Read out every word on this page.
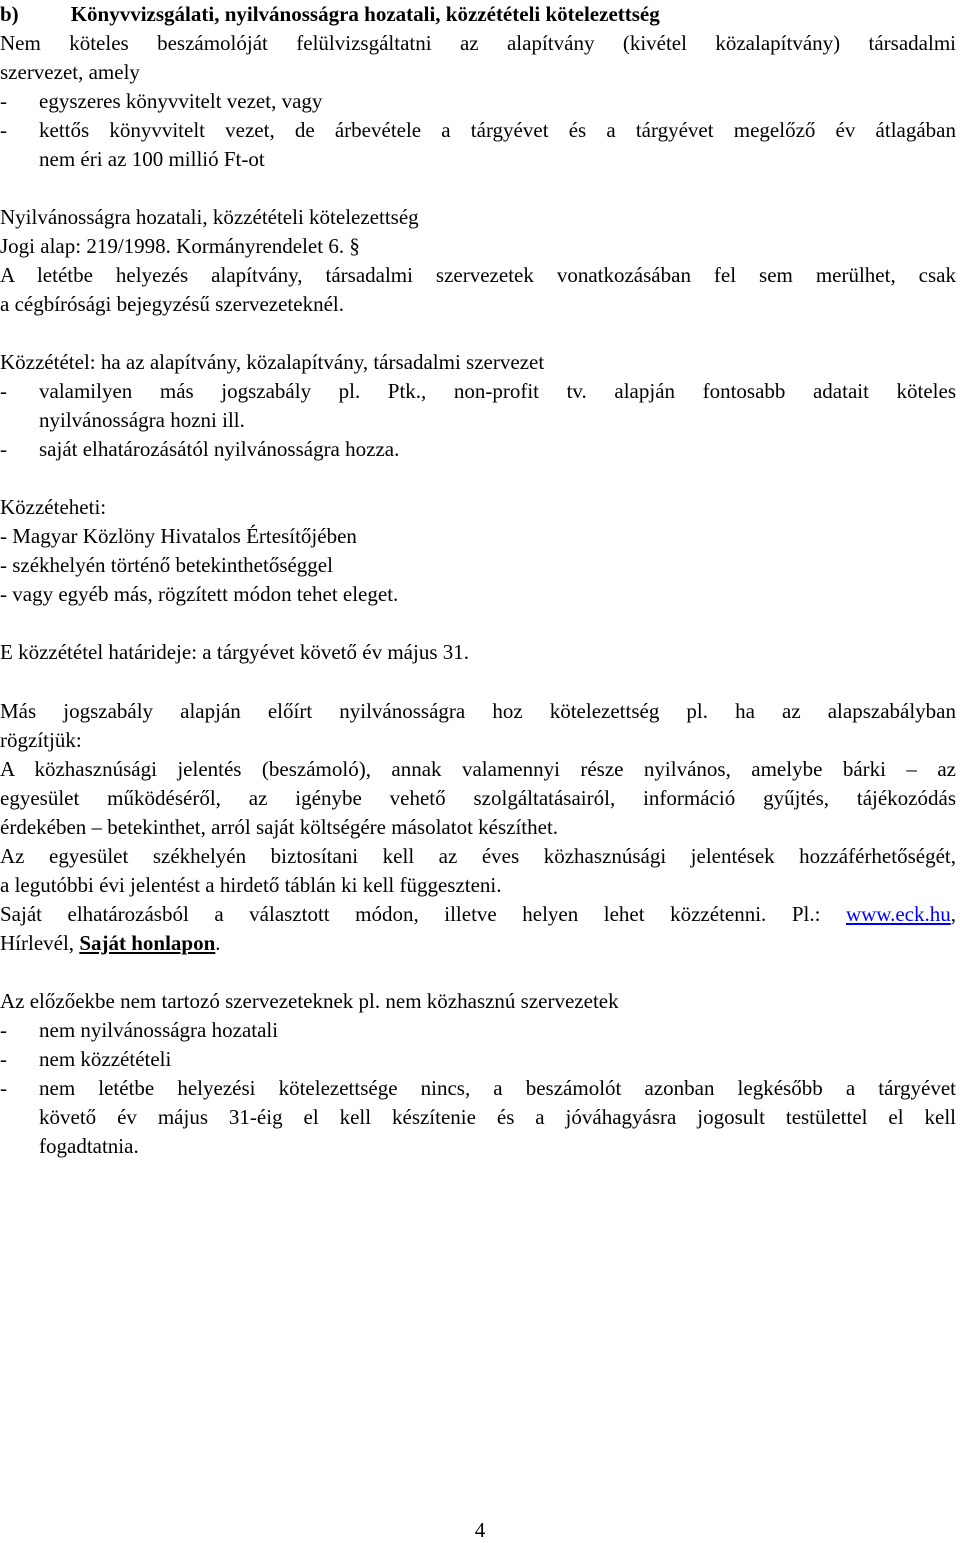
b) Könyvvizsgálati, nyilvánosságra hozatali, közzétételi kötelezettség
Nem köteles beszámolóját felülvizsgáltatni az alapítvány (kivétel közalapítvány) társadalmi
szervezet, amely
- egyszeres könyvvitelt vezet, vagy
- kettős könyvvitelt vezet, de árbevétele a tárgyévet és a tárgyévet megelőző év átlagában
nem éri az 100 millió Ft-ot
Nyilvánosságra hozatali, közzétételi kötelezettség
Jogi alap: 219/1998. Kormányrendelet 6. §
A letétbe helyezés alapítvány, társadalmi szervezetek vonatkozásában fel sem merülhet, csak
a cégbírósági bejegyzésű szervezeteknél.
Közzététel: ha az alapítvány, közalapítvány, társadalmi szervezet
- valamilyen más jogszabály pl. Ptk., non-profit tv. alapján fontosabb adatait köteles
nyilvánosságra hozni ill.
- saját elhatározásától nyilvánosságra hozza.
Közzéteheti:
- Magyar Közlöny Hivatalos Értesítőjében
- székhelyén történő betekinthetőséggel
- vagy egyéb más, rögzített módon tehet eleget.
E közzététel határideje: a tárgyévet követő év május 31.
Más jogszabály alapján előírt nyilvánosságra hoz kötelezettség pl. ha az alapszabályban
rögzítjük:
A közhasznúsági jelentés (beszámoló), annak valamennyi része nyilvános, amelybe bárki – az
egyesület működéséről, az igénybe vehető szolgáltatásairól, információ gyűjtés, tájékozódás
érdekében – betekinthet, arról saját költségére másolatot készíthet.
Az egyesület székhelyén biztosítani kell az éves közhasznúsági jelentések hozzáférhetőségét,
a legutóbbi évi jelentést a hirdető táblán ki kell függeszteni.
Saját elhatározásból a választott módon, illetve helyen lehet közzétenni. Pl.: www.eck.hu,
Hírlevél, Saját honlapon.
Az előzőekbe nem tartozó szervezeteknek pl. nem közhasznú szervezetek
- nem nyilvánosságra hozatali
- nem közzétételi
- nem letétbe helyezési kötelezettsége nincs, a beszámolót azonban legkésőbb a tárgyévet
követő év május 31-éig el kell készítenie és a jóváhagyásra jogosult testülettel el kell
fogadtatnia.
4
